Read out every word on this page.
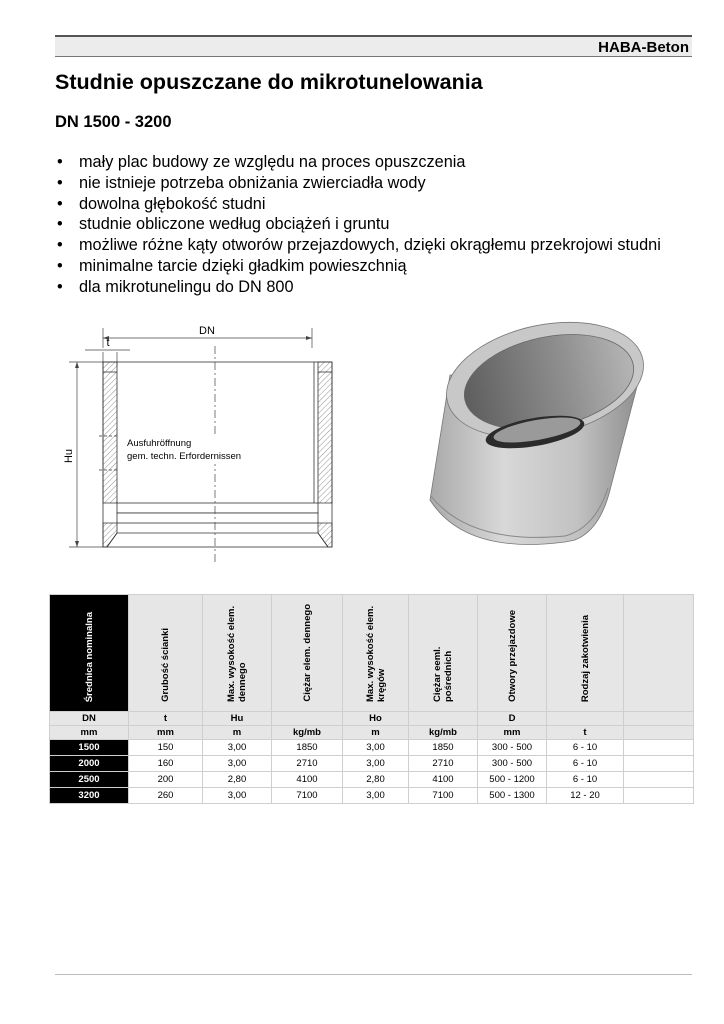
HABA-Beton
Studnie opuszczane do mikrotunelowania
DN 1500 - 3200
• mały plac budowy ze względu na proces opuszczenia
• nie istnieje potrzeba obniżania zwierciadła wody
• dowolna głębokość studni
• studnie obliczone według obciążeń i gruntu
• możliwe różne kąty otworów przejazdowych, dzięki okrągłemu przekrojowi studni
• minimalne tarcie dzięki gładkim powieszchnią
• dla mikrotunelingu do DN 800
DN
t
Hu
Ausfuhröffnung
gem. techn. Erfordernissen
Średnica nominalna	Grubość ścianki	Max. wysokość elem. dennego	Ciężar elem. dennego	Max. wysokość elem. kręgów	Ciężar eeml. pośrednich	Otwory przejazdowe	Rodzaj zakotwienia	
DN	t	Hu		Ho		D		
mm	mm	m	kg/mb	m	kg/mb	mm	t	
1500	150	3,00	1850	3,00	1850	300 - 500	6 - 10	
2000	160	3,00	2710	3,00	2710	300 - 500	6 - 10	
2500	200	2,80	4100	2,80	4100	500 - 1200	6 - 10	
3200	260	3,00	7100	3,00	7100	500 - 1300	12 - 20	
